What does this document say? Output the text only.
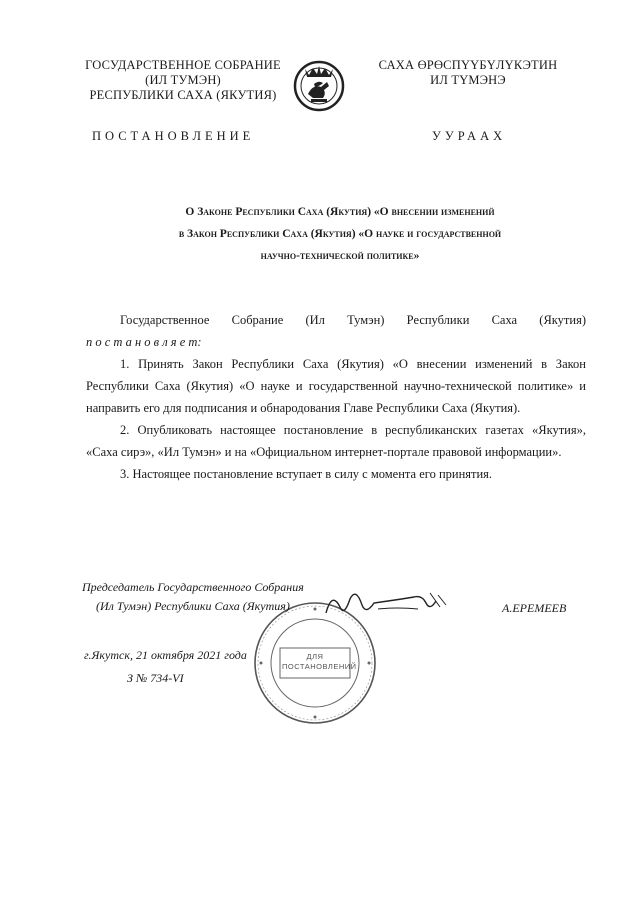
ГОСУДАРСТВЕННОЕ СОБРАНИЕ
(ИЛ ТУМЭН)
РЕСПУБЛИКИ САХА (ЯКУТИЯ)
САХА ӨРӨСПҮҮБҮЛҮКЭТИН
ИЛ ТҮМЭНЭ
ПОСТАНОВЛЕНИЕ	УУРААХ
О Законе Республики Саха (Якутия) «О внесении изменений
в Закон Республики Саха (Якутия) «О науке и государственной
научно-технической политике»

Государственное Собрание (Ил Тумэн) Республики Саха (Якутия)

п о с т а н о в л я е т:

1. Принять Закон Республики Саха (Якутия) «О внесении изменений в Закон Республики Саха (Якутия) «О науке и государственной научно-технической политике» и направить его для подписания и обнародования Главе Республики Саха (Якутия).

2. Опубликовать настоящее постановление в республиканских газетах «Якутия», «Саха сирэ», «Ил Тумэн» и на «Официальном интернет-портале правовой информации».

3. Настоящее постановление вступает в силу с момента его принятия.

ДЛЯ ПОСТАНОВЛЕНИЙ
Председатель Государственного Собрания
(Ил Тумэн) Республики Саха (Якутия)	А.ЕРЕМЕЕВ
г.Якутск, 21 октября 2021 года
З № 734-VI
